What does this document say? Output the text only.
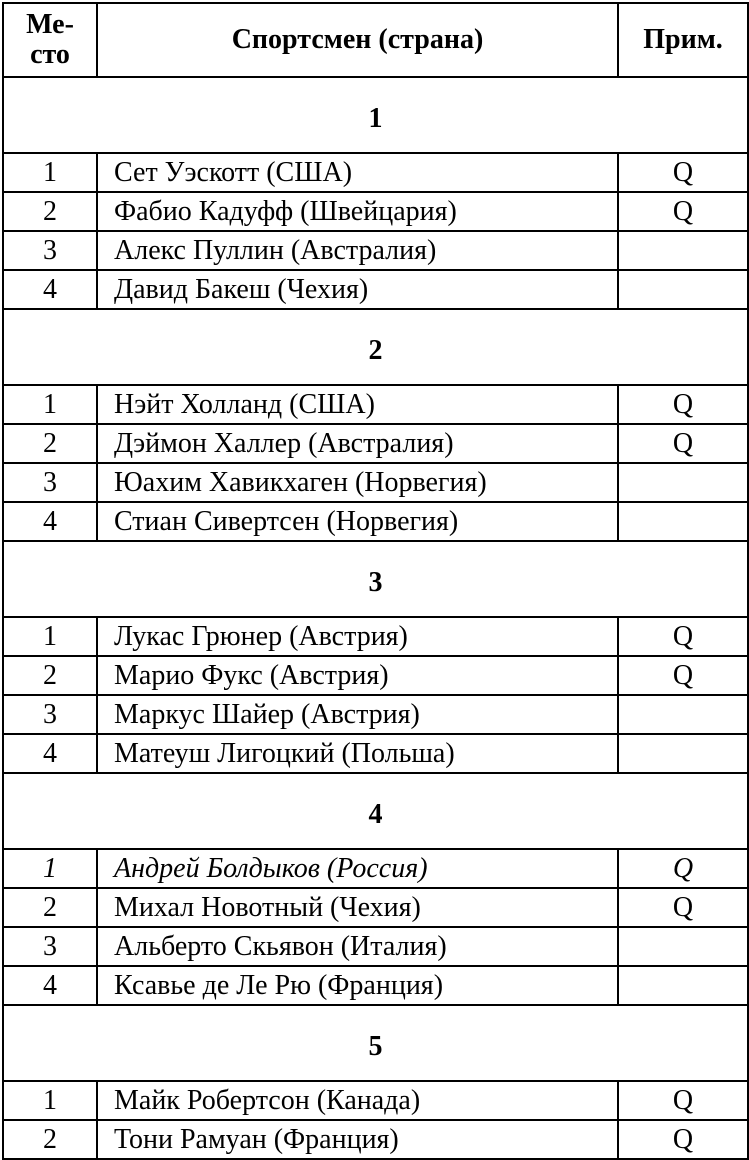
Ме-
сто	Спортсмен (страна)	Прим.
1		
1	Сет Уэскотт (США)	Q
2	Фабио Кадуфф (Швейцария)	Q
3	Алекс Пуллин (Австралия)	
4	Давид Бакеш (Чехия)	
2		
1	Нэйт Холланд (США)	Q
2	Дэймон Халлер (Австралия)	Q
3	Юахим Хавикхаген (Норвегия)	
4	Стиан Сивертсен (Норвегия)	
3		
1	Лукас Грюнер (Австрия)	Q
2	Марио Фукс (Австрия)	Q
3	Маркус Шайер (Австрия)	
4	Матеуш Лигоцкий (Польша)	
4		
1	Андрей Болдыков (Россия)	Q
2	Михал Новотный (Чехия)	Q
3	Альберто Скьявон (Италия)	
4	Ксавье де Ле Рю (Франция)	
5		
1	Майк Робертсон (Канада)	Q
2	Тони Рамуан (Франция)	Q
